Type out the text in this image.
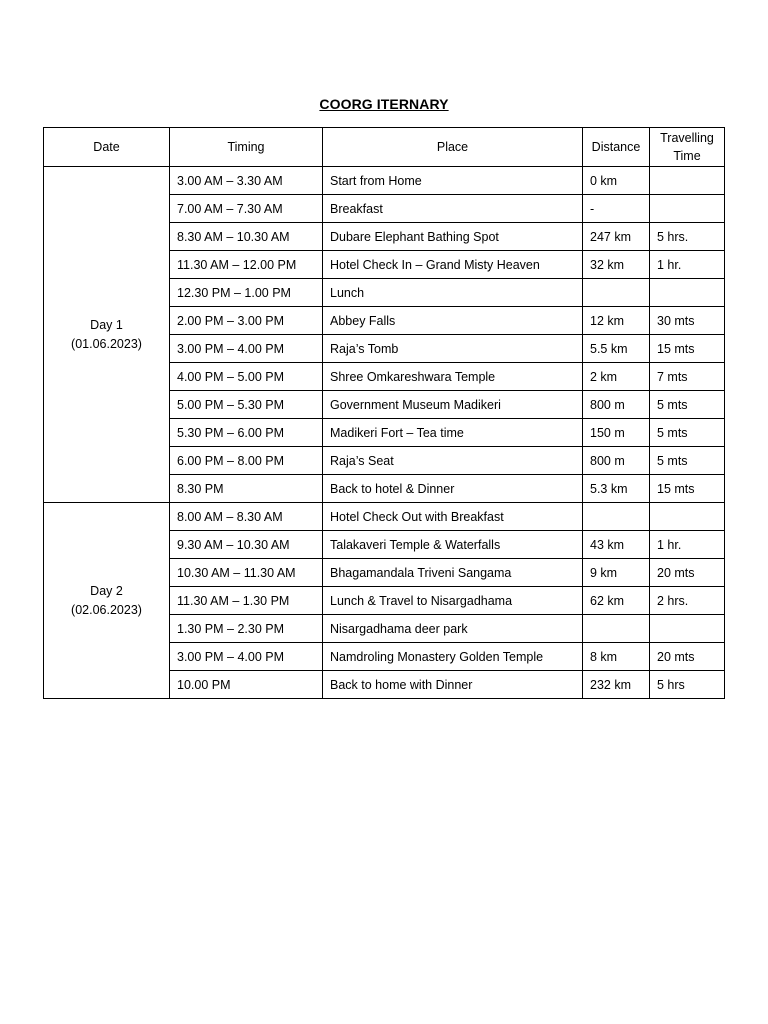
COORG ITERNARY
Date	Timing	Place	Distance	Travelling Time

Day 1
(01.06.2023)	3.00 AM – 3.30 AM	Start from Home	0 km	
	7.00 AM – 7.30 AM	Breakfast	-	
	8.30 AM – 10.30 AM	Dubare Elephant Bathing Spot	247 km	5 hrs.
	11.30 AM – 12.00 PM	Hotel Check In – Grand Misty Heaven	32 km	1 hr.
	12.30 PM – 1.00 PM	Lunch		
	2.00 PM – 3.00 PM	Abbey Falls	12 km	30 mts
	3.00 PM – 4.00 PM	Raja’s Tomb	5.5 km	15 mts
	4.00 PM – 5.00 PM	Shree Omkareshwara Temple	2 km	7 mts
	5.00 PM – 5.30 PM	Government Museum Madikeri	800 m	5 mts
	5.30 PM – 6.00 PM	Madikeri Fort – Tea time	150 m	5 mts
	6.00 PM – 8.00 PM	Raja’s Seat	800 m	5 mts
	8.30 PM	Back to hotel & Dinner	5.3 km	15 mts

Day 2
(02.06.2023)	8.00 AM – 8.30 AM	Hotel Check Out with Breakfast		
	9.30 AM – 10.30 AM	Talakaveri Temple & Waterfalls	43 km	1 hr.
	10.30 AM – 11.30 AM	Bhagamandala Triveni Sangama	9 km	20 mts
	11.30 AM – 1.30 PM	Lunch & Travel to Nisargadhama	62 km	2 hrs.
	1.30 PM – 2.30 PM	Nisargadhama deer park		
	3.00 PM – 4.00 PM	Namdroling Monastery Golden Temple	8 km	20 mts
	10.00 PM	Back to home with Dinner	232 km	5 hrs
